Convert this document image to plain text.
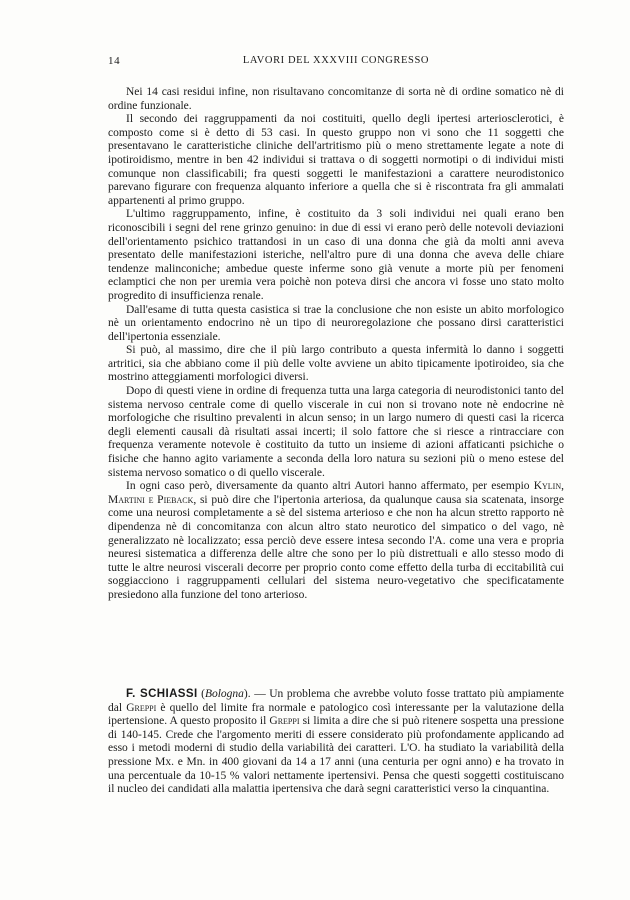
14	LAVORI DEL XXXVIII CONGRESSO

Nei 14 casi residui infine, non risultavano concomitanze di sorta nè di ordine somatico nè di ordine funzionale.

Il secondo dei raggruppamenti da noi costituiti, quello degli ipertesi arteriosclerotici, è composto come si è detto di 53 casi. In questo gruppo non vi sono che 11 soggetti che presentavano le caratteristiche cliniche dell'artritismo più o meno strettamente legate a note di ipotiroidismo, mentre in ben 42 individui si trattava o di soggetti normotipi o di individui misti comunque non classificabili; fra questi soggetti le manifestazioni a carattere neurodistonico parevano figurare con frequenza alquanto inferiore a quella che si è riscontrata fra gli ammalati appartenenti al primo gruppo.

L'ultimo raggruppamento, infine, è costituito da 3 soli individui nei quali erano ben riconoscibili i segni del rene grinzo genuino: in due di essi vi erano però delle notevoli deviazioni dell'orientamento psichico trattandosi in un caso di una donna che già da molti anni aveva presentato delle manifestazioni isteriche, nell'altro pure di una donna che aveva delle chiare tendenze malinconiche; ambedue queste inferme sono già venute a morte più per fenomeni eclamptici che non per uremia vera poichè non poteva dirsi che ancora vi fosse uno stato molto progredito di insufficienza renale.

Dall'esame di tutta questa casistica si trae la conclusione che non esiste un abito morfologico nè un orientamento endocrino nè un tipo di neuroregolazione che possano dirsi caratteristici dell'ipertonia essenziale.

Si può, al massimo, dire che il più largo contributo a questa infermità lo danno i soggetti artritici, sia che abbiano come il più delle volte avviene un abito tipicamente ipotiroideo, sia che mostrino atteggiamenti morfologici diversi.

Dopo di questi viene in ordine di frequenza tutta una larga categoria di neurodistonici tanto del sistema nervoso centrale come di quello viscerale in cui non si trovano note nè endocrine nè morfologiche che risultino prevalenti in alcun senso; in un largo numero di questi casi la ricerca degli elementi causali dà risultati assai incerti; il solo fattore che si riesce a rintracciare con frequenza veramente notevole è costituito da tutto un insieme di azioni affaticanti psichiche o fisiche che hanno agito variamente a seconda della loro natura su sezioni più o meno estese del sistema nervoso somatico o di quello viscerale.

In ogni caso però, diversamente da quanto altri Autori hanno affermato, per esempio Kylin, Martini e Pieback, si può dire che l'ipertonia arteriosa, da qualunque causa sia scatenata, insorge come una neurosi completamente a sè del sistema arterioso e che non ha alcun stretto rapporto nè dipendenza nè di concomitanza con alcun altro stato neurotico del simpatico o del vago, nè generalizzato nè localizzato; essa perciò deve essere intesa secondo l'A. come una vera e propria neuresi sistematica a differenza delle altre che sono per lo più distrettuali e allo stesso modo di tutte le altre neurosi viscerali decorre per proprio conto come effetto della turba di eccitabilità cui soggiacciono i raggruppamenti cellulari del sistema neuro-vegetativo che specificatamente presiedono alla funzione del tono arterioso.

F. SCHIASSI (Bologna). — Un problema che avrebbe voluto fosse trattato più ampiamente dal Greppi è quello del limite fra normale e patologico così interessante per la valutazione della ipertensione. A questo proposito il Greppi si limita a dire che si può ritenere sospetta una pressione di 140-145. Crede che l'argomento meriti di essere considerato più profondamente applicando ad esso i metodi moderni di studio della variabilità dei caratteri. L'O. ha studiato la variabilità della pressione Mx. e Mn. in 400 giovani da 14 a 17 anni (una centuria per ogni anno) e ha trovato in una percentuale da 10-15 % valori nettamente ipertensivi. Pensa che questi soggetti costituiscano il nucleo dei candidati alla malattia ipertensiva che darà segni caratteristici verso la cinquantina.
